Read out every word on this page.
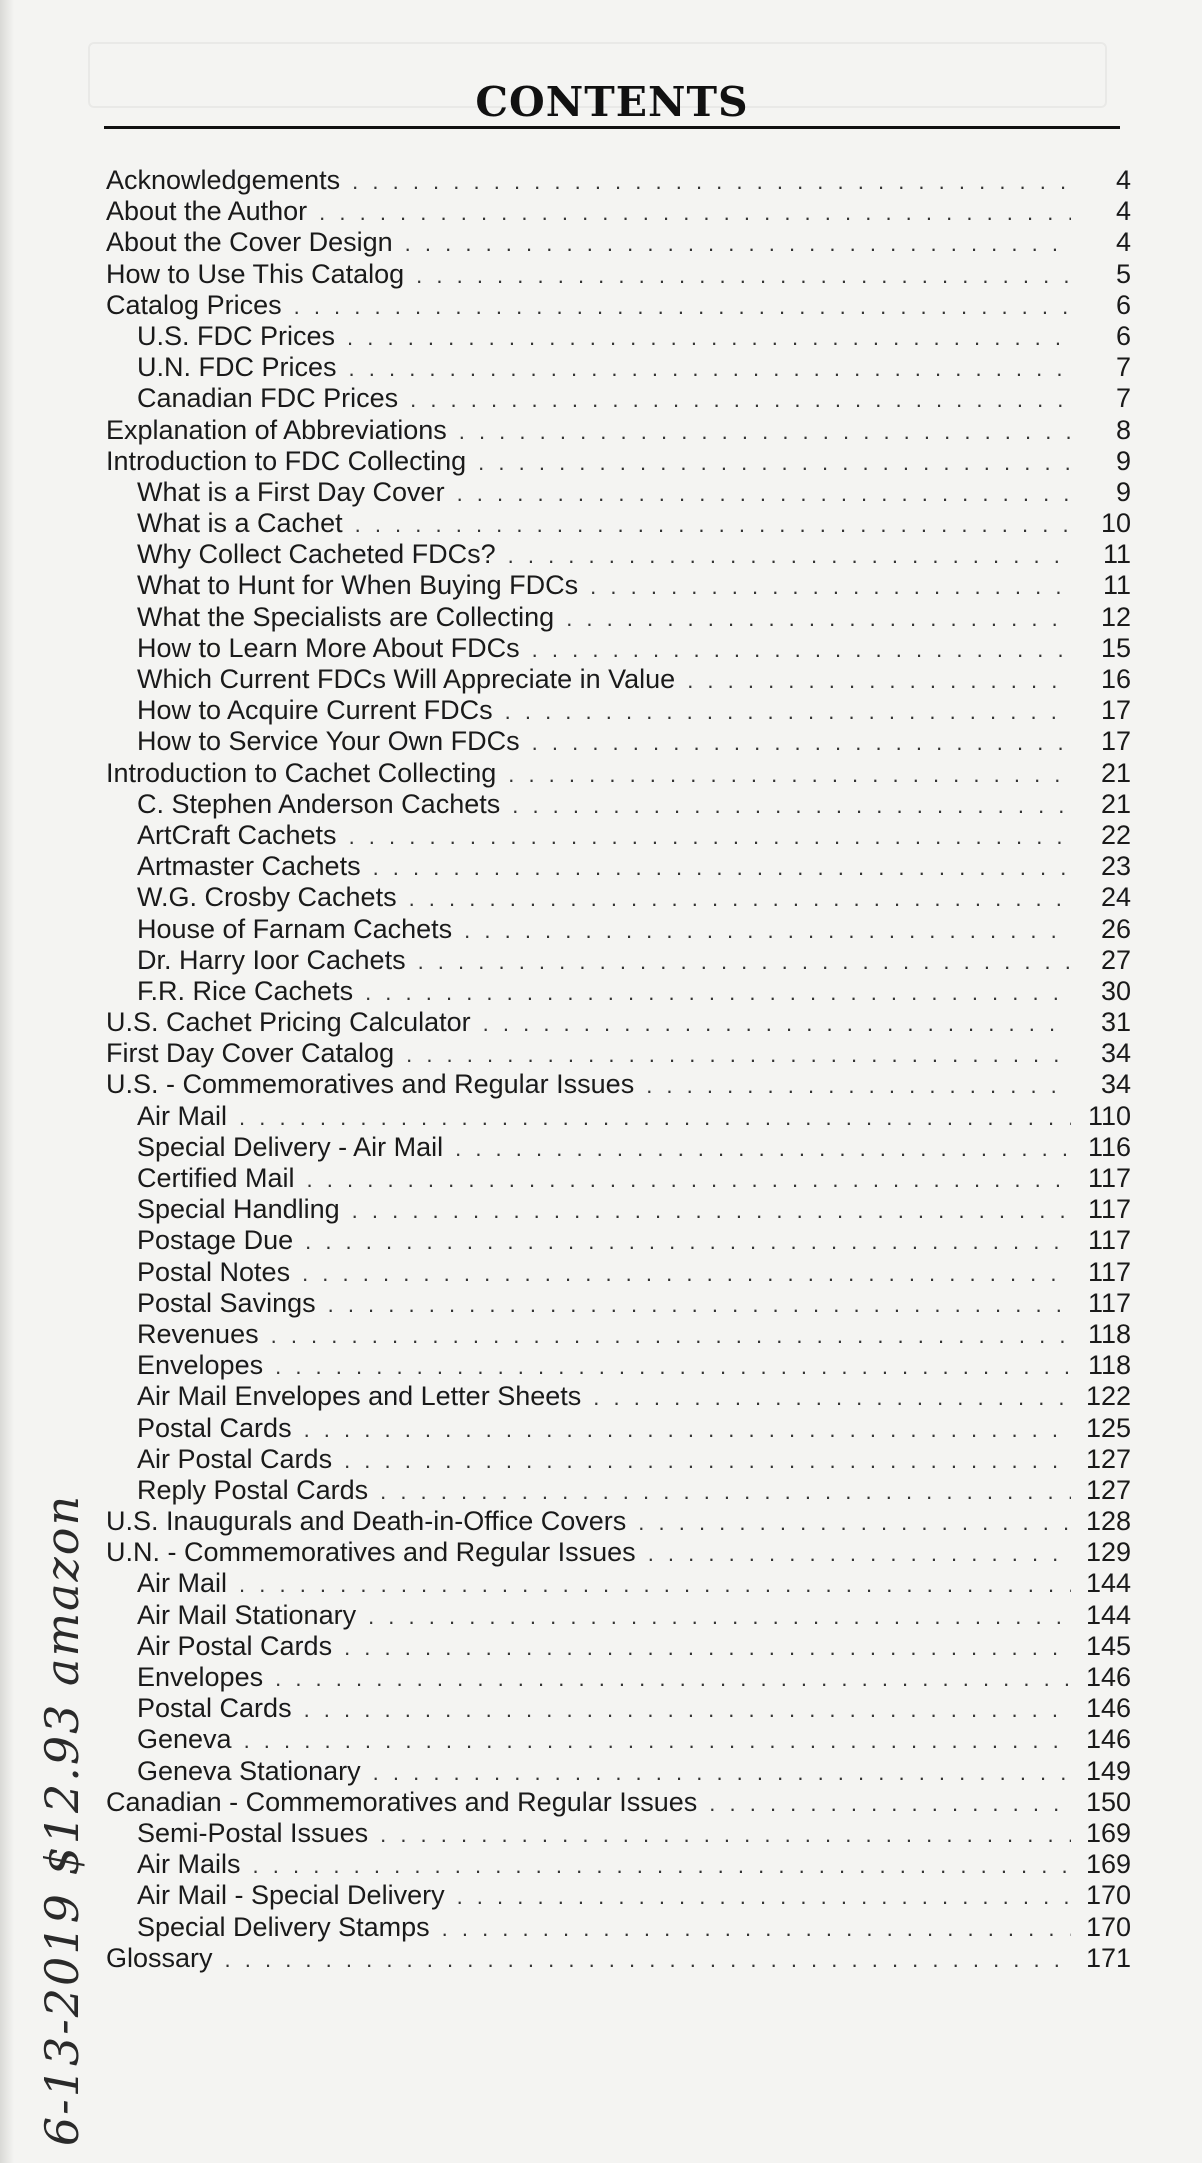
CONTENTS
Acknowledgements . . .	4
About the Author . . .	4
About the Cover Design . . .	4
How to Use This Catalog . . .	5
Catalog Prices . . .	6
U.S. FDC Prices . . .	6
U.N. FDC Prices . . .	7
Canadian FDC Prices . . .	7
Explanation of Abbreviations . . .	8
Introduction to FDC Collecting . . .	9
What is a First Day Cover . . .	9
What is a Cachet . . .	10
Why Collect Cacheted FDCs? . . .	11
What to Hunt for When Buying FDCs . . .	11
What the Specialists are Collecting . . .	12
How to Learn More About FDCs . . .	15
Which Current FDCs Will Appreciate in Value . . .	16
How to Acquire Current FDCs . . .	17
How to Service Your Own FDCs . . .	17
Introduction to Cachet Collecting . . .	21
C. Stephen Anderson Cachets . . .	21
ArtCraft Cachets . . .	22
Artmaster Cachets . . .	23
W.G. Crosby Cachets . . .	24
House of Farnam Cachets . . .	26
Dr. Harry Ioor Cachets . . .	27
F.R. Rice Cachets . . .	30
U.S. Cachet Pricing Calculator . . .	31
First Day Cover Catalog . . .	34
U.S. - Commemoratives and Regular Issues . . .	34
Air Mail . . .	110
Special Delivery - Air Mail . . .	116
Certified Mail . . .	117
Special Handling . . .	117
Postage Due . . .	117
Postal Notes . . .	117
Postal Savings . . .	117
Revenues . . .	118
Envelopes . . .	118
Air Mail Envelopes and Letter Sheets . . .	122
Postal Cards . . .	125
Air Postal Cards . . .	127
Reply Postal Cards . . .	127
U.S. Inaugurals and Death-in-Office Covers . . .	128
U.N. - Commemoratives and Regular Issues . . .	129
Air Mail . . .	144
Air Mail Stationary . . .	144
Air Postal Cards . . .	145
Envelopes . . .	146
Postal Cards . . .	146
Geneva . . .	146
Geneva Stationary . . .	149
Canadian - Commemoratives and Regular Issues . . .	150
Semi-Postal Issues . . .	169
Air Mails . . .	169
Air Mail - Special Delivery . . .	170
Special Delivery Stamps . . .	170
Glossary . . .	171
6-13-2019 $12.93 amazon
